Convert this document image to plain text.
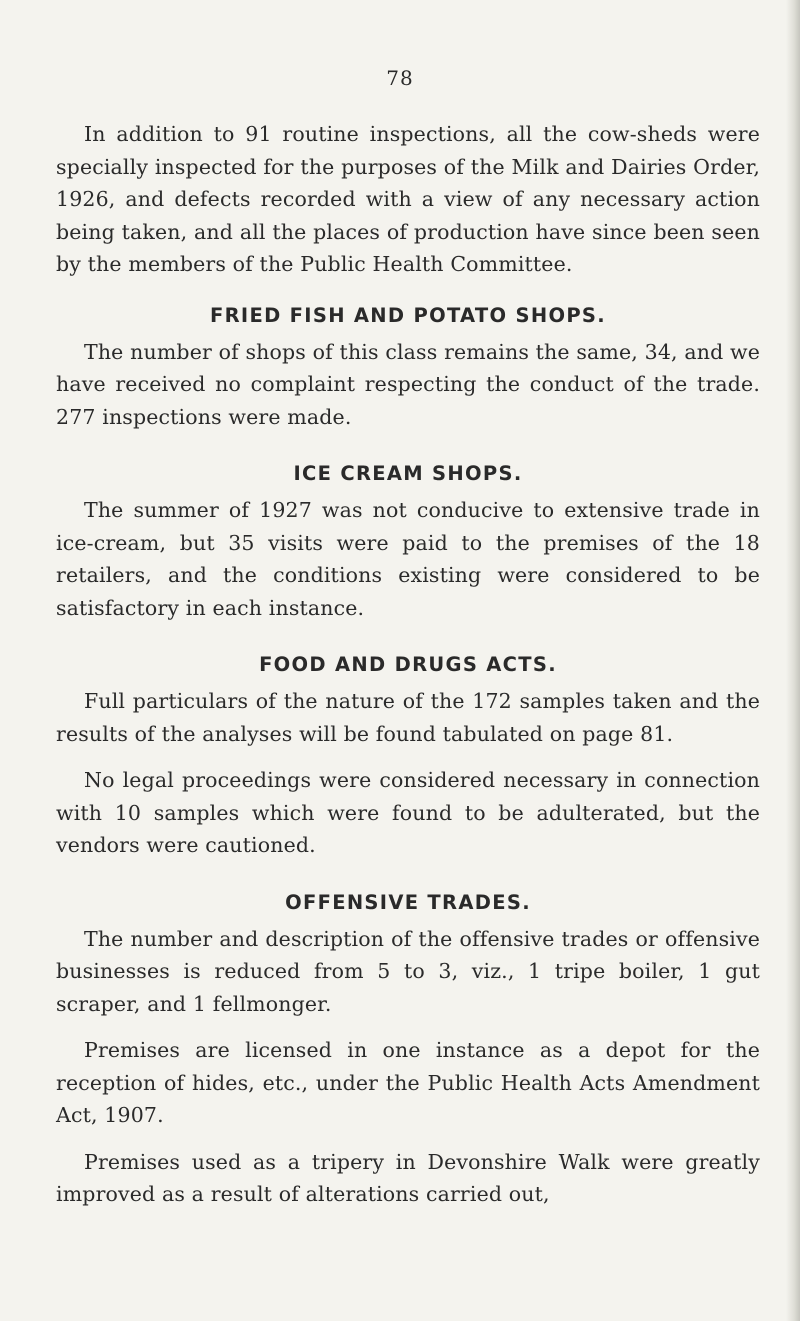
78

In addition to 91 routine inspections, all the cow-sheds were specially inspected for the purposes of the Milk and Dairies Order, 1926, and defects recorded with a view of any necessary action being taken, and all the places of production have since been seen by the members of the Public Health Committee.

FRIED FISH AND POTATO SHOPS.

The number of shops of this class remains the same, 34, and we have received no complaint respecting the conduct of the trade. 277 inspections were made.

ICE CREAM SHOPS.

The summer of 1927 was not conducive to extensive trade in ice-cream, but 35 visits were paid to the premises of the 18 retailers, and the conditions existing were considered to be satisfactory in each instance.

FOOD AND DRUGS ACTS.

Full particulars of the nature of the 172 samples taken and the results of the analyses will be found tabulated on page 81.

No legal proceedings were considered necessary in connection with 10 samples which were found to be adulterated, but the vendors were cautioned.

OFFENSIVE TRADES.

The number and description of the offensive trades or offensive businesses is reduced from 5 to 3, viz., 1 tripe boiler, 1 gut scraper, and 1 fellmonger.

Premises are licensed in one instance as a depot for the reception of hides, etc., under the Public Health Acts Amendment Act, 1907.

Premises used as a tripery in Devonshire Walk were greatly improved as a result of alterations carried out,
